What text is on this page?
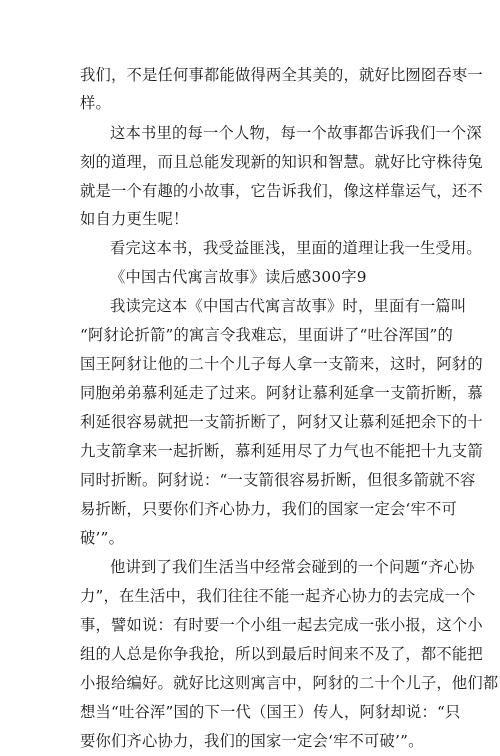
我们，不是任何事都能做得两全其美的，就好比囫囵吞枣一
样。
这本书里的每一个人物，每一个故事都告诉我们一个深
刻的道理，而且总能发现新的知识和智慧。就好比守株待兔
就是一个有趣的小故事，它告诉我们，像这样靠运气，还不
如自力更生呢！
看完这本书，我受益匪浅，里面的道理让我一生受用。
《中国古代寓言故事》读后感300字9
我读完这本《中国古代寓言故事》时，里面有一篇叫
“阿豺论折箭”的寓言令我难忘，里面讲了“吐谷浑国”的
国王阿豺让他的二十个儿子每人拿一支箭来，这时，阿豺的
同胞弟弟慕利延走了过来。阿豺让慕利延拿一支箭折断，慕
利延很容易就把一支箭折断了，阿豺又让慕利延把余下的十
九支箭拿来一起折断，慕利延用尽了力气也不能把十九支箭
同时折断。阿豺说：“一支箭很容易折断，但很多箭就不容
易折断，只要你们齐心协力，我们的国家一定会‘牢不可
破’”。
他讲到了我们生活当中经常会碰到的一个问题“齐心协
力”，在生活中，我们往往不能一起齐心协力的去完成一个
事，譬如说：有时要一个小组一起去完成一张小报，这个小
组的人总是你争我抢，所以到最后时间来不及了，都不能把
小报给编好。就好比这则寓言中，阿豺的二十个儿子，他们都
想当“吐谷浑”国的下一代（国王）传人，阿豺却说：“只
要你们齐心协力，我们的国家一定会‘牢不可破’”。
